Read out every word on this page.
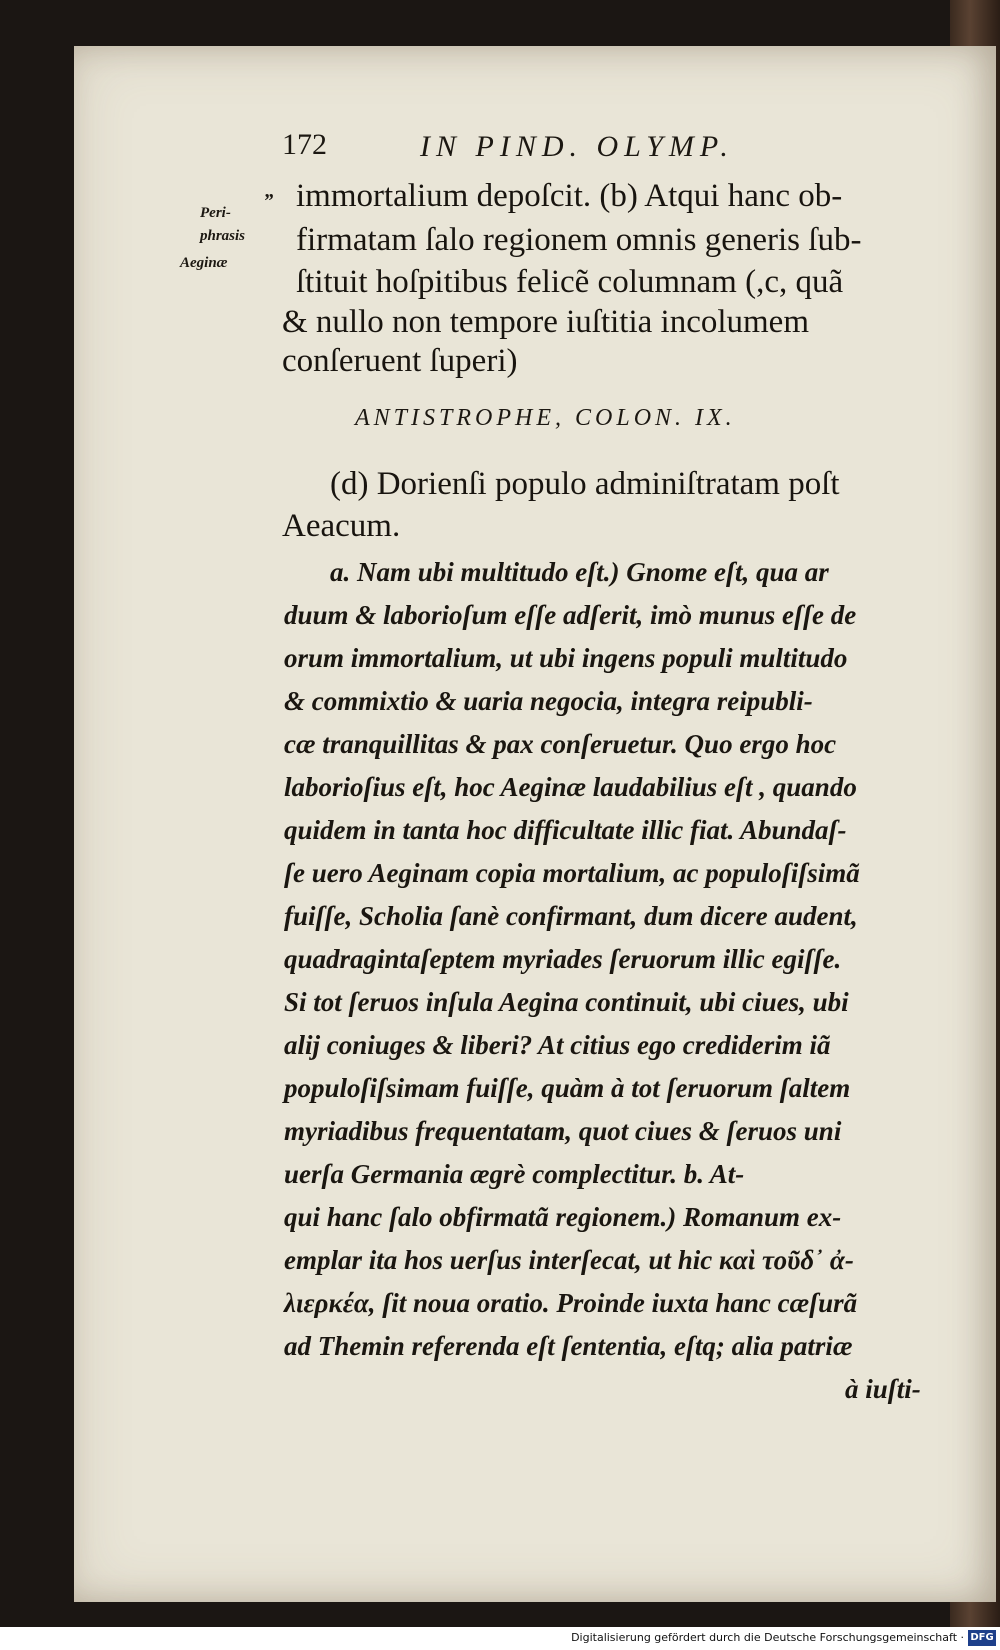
172	IN PIND. OLYMP.
Peri-
phrasis
Aeginæ
„ immortalium depoſcit. (b) Atqui hanc ob-
firmatam ſalo regionem omnis generis ſub-
ſtituit hoſpitibus felicẽ columnam (,c, quã
& nullo non tempore iuſtitia incolumem
conſeruent ſuperi)
ANTISTROPHE, COLON. IX.
(d) Dorienſi populo adminiſtratam poſt
Aeacum.
a. Nam ubi multitudo eſt.) Gnome eſt, qua ar
duum & laborioſum eſſe adſerit, imò munus eſſe de
orum immortalium, ut ubi ingens populi multitudo
& commixtio & uaria negocia, integra reipubli-
cæ tranquillitas & pax conſeruetur. Quo ergo hoc
laborioſius eſt, hoc Aeginæ laudabilius eſt , quando
quidem in tanta hoc difficultate illic fiat. Abundaſ-
ſe uero Aeginam copia mortalium, ac populoſiſsimã
fuiſſe, Scholia ſanè confirmant, dum dicere audent,
quadragintaſeptem myriades ſeruorum illic egiſſe.
Si tot ſeruos inſula Aegina continuit, ubi ciues, ubi
alij coniuges & liberi? At citius ego crediderim iã
populoſiſsimam fuiſſe, quàm à tot ſeruorum ſaltem
myriadibus frequentatam, quot ciues & ſeruos uni
uerſa Germania ægrè complectitur. b. At-
qui hanc ſalo obfirmatã regionem.) Romanum ex-
emplar ita hos uerſus interſecat, ut hic καὶ τοῦδ᾽ ἀ-
λιερκέα, ſit noua oratio. Proinde iuxta hanc cæſurã
ad Themin referenda eſt ſententia, eſtq; alia patriæ
à iuſti-
Digitalisierung gefördert durch die Deutsche Forschungsgemeinschaft · DFG
